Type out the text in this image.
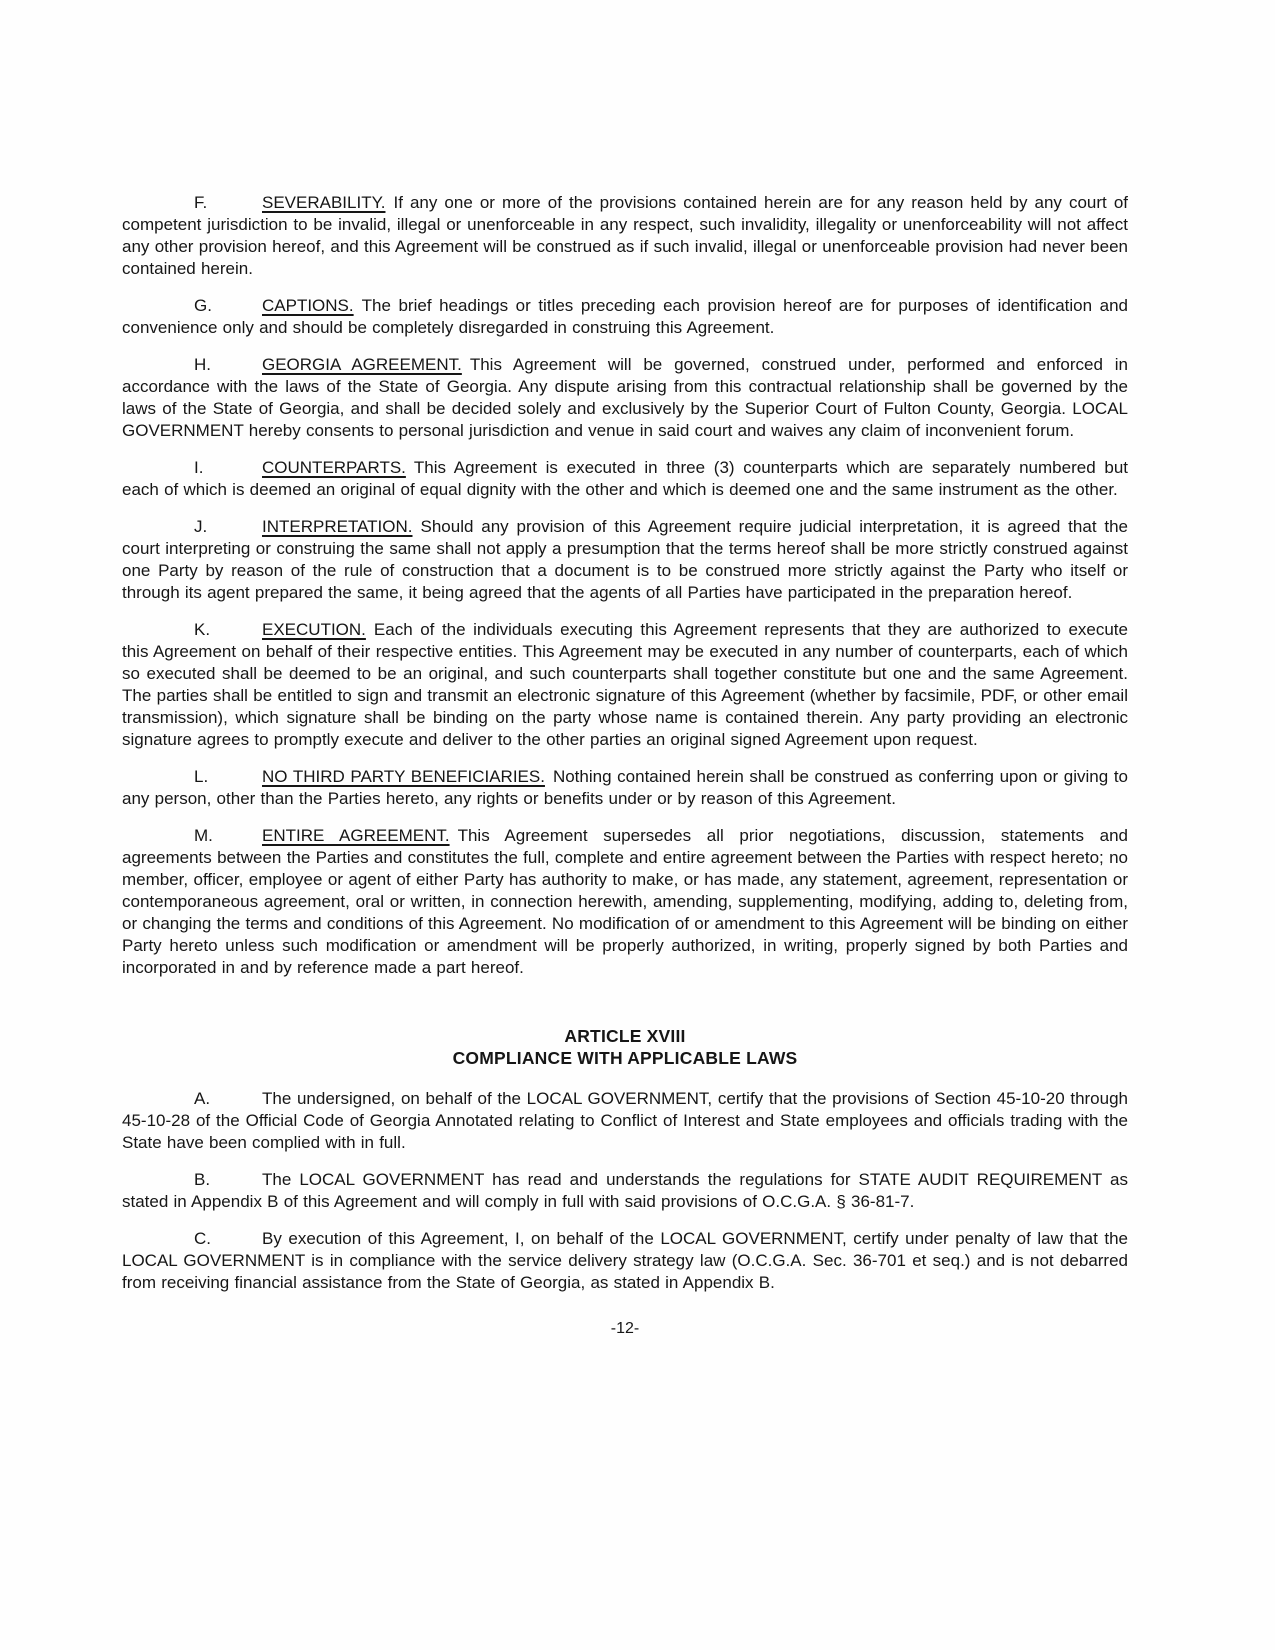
F.	SEVERABILITY. If any one or more of the provisions contained herein are for any reason held by any court of competent jurisdiction to be invalid, illegal or unenforceable in any respect, such invalidity, illegality or unenforceability will not affect any other provision hereof, and this Agreement will be construed as if such invalid, illegal or unenforceable provision had never been contained herein.

G.	CAPTIONS. The brief headings or titles preceding each provision hereof are for purposes of identification and convenience only and should be completely disregarded in construing this Agreement.

H.	GEORGIA AGREEMENT. This Agreement will be governed, construed under, performed and enforced in accordance with the laws of the State of Georgia. Any dispute arising from this contractual relationship shall be governed by the laws of the State of Georgia, and shall be decided solely and exclusively by the Superior Court of Fulton County, Georgia. LOCAL GOVERNMENT hereby consents to personal jurisdiction and venue in said court and waives any claim of inconvenient forum.

I.	COUNTERPARTS. This Agreement is executed in three (3) counterparts which are separately numbered but each of which is deemed an original of equal dignity with the other and which is deemed one and the same instrument as the other.

J.	INTERPRETATION. Should any provision of this Agreement require judicial interpretation, it is agreed that the court interpreting or construing the same shall not apply a presumption that the terms hereof shall be more strictly construed against one Party by reason of the rule of construction that a document is to be construed more strictly against the Party who itself or through its agent prepared the same, it being agreed that the agents of all Parties have participated in the preparation hereof.

K.	EXECUTION. Each of the individuals executing this Agreement represents that they are authorized to execute this Agreement on behalf of their respective entities. This Agreement may be executed in any number of counterparts, each of which so executed shall be deemed to be an original, and such counterparts shall together constitute but one and the same Agreement. The parties shall be entitled to sign and transmit an electronic signature of this Agreement (whether by facsimile, PDF, or other email transmission), which signature shall be binding on the party whose name is contained therein. Any party providing an electronic signature agrees to promptly execute and deliver to the other parties an original signed Agreement upon request.

L.	NO THIRD PARTY BENEFICIARIES. Nothing contained herein shall be construed as conferring upon or giving to any person, other than the Parties hereto, any rights or benefits under or by reason of this Agreement.

M.	ENTIRE AGREEMENT. This Agreement supersedes all prior negotiations, discussion, statements and agreements between the Parties and constitutes the full, complete and entire agreement between the Parties with respect hereto; no member, officer, employee or agent of either Party has authority to make, or has made, any statement, agreement, representation or contemporaneous agreement, oral or written, in connection herewith, amending, supplementing, modifying, adding to, deleting from, or changing the terms and conditions of this Agreement. No modification of or amendment to this Agreement will be binding on either Party hereto unless such modification or amendment will be properly authorized, in writing, properly signed by both Parties and incorporated in and by reference made a part hereof.

ARTICLE XVIII
COMPLIANCE WITH APPLICABLE LAWS

A.	The undersigned, on behalf of the LOCAL GOVERNMENT, certify that the provisions of Section 45-10-20 through 45-10-28 of the Official Code of Georgia Annotated relating to Conflict of Interest and State employees and officials trading with the State have been complied with in full.

B.	The LOCAL GOVERNMENT has read and understands the regulations for STATE AUDIT REQUIREMENT as stated in Appendix B of this Agreement and will comply in full with said provisions of O.C.G.A. § 36-81-7.

C.	By execution of this Agreement, I, on behalf of the LOCAL GOVERNMENT, certify under penalty of law that the LOCAL GOVERNMENT is in compliance with the service delivery strategy law (O.C.G.A. Sec. 36-701 et seq.) and is not debarred from receiving financial assistance from the State of Georgia, as stated in Appendix B.

-12-
